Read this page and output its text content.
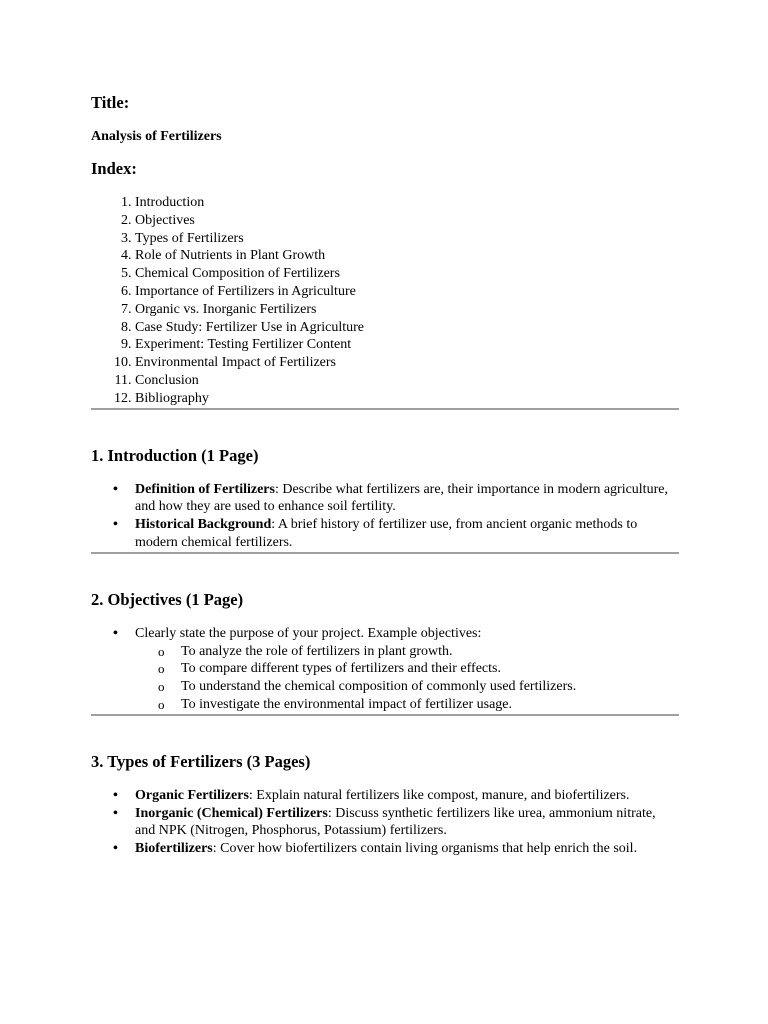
Title:

Analysis of Fertilizers

Index:
1. Introduction
2. Objectives
3. Types of Fertilizers
4. Role of Nutrients in Plant Growth
5. Chemical Composition of Fertilizers
6. Importance of Fertilizers in Agriculture
7. Organic vs. Inorganic Fertilizers
8. Case Study: Fertilizer Use in Agriculture
9. Experiment: Testing Fertilizer Content
10. Environmental Impact of Fertilizers
11. Conclusion
12. Bibliography
1. Introduction (1 Page)
• Definition of Fertilizers: Describe what fertilizers are, their importance in modern agriculture, and how they are used to enhance soil fertility.
• Historical Background: A brief history of fertilizer use, from ancient organic methods to modern chemical fertilizers.
2. Objectives (1 Page)
• Clearly state the purpose of your project. Example objectives:
o To analyze the role of fertilizers in plant growth.
o To compare different types of fertilizers and their effects.
o To understand the chemical composition of commonly used fertilizers.
o To investigate the environmental impact of fertilizer usage.
3. Types of Fertilizers (3 Pages)
• Organic Fertilizers: Explain natural fertilizers like compost, manure, and biofertilizers.
• Inorganic (Chemical) Fertilizers: Discuss synthetic fertilizers like urea, ammonium nitrate, and NPK (Nitrogen, Phosphorus, Potassium) fertilizers.
• Biofertilizers: Cover how biofertilizers contain living organisms that help enrich the soil.
